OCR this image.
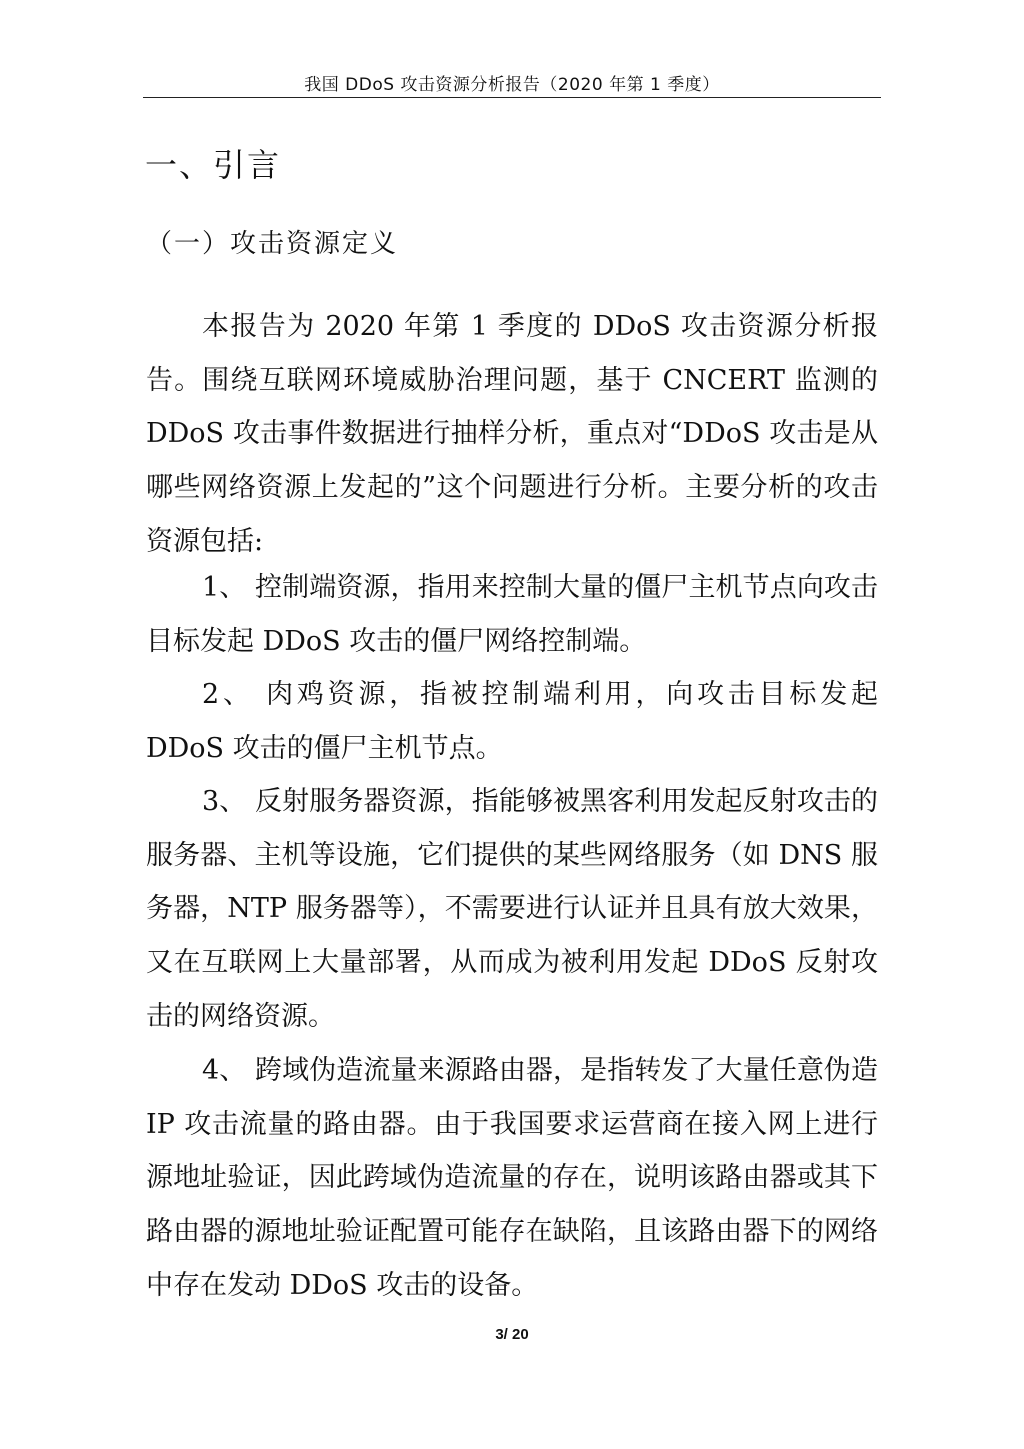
我国 DDoS 攻击资源分析报告（2020 年第 1 季度）
一、引言
（一）攻击资源定义

本报告为 2020 年第 1 季度的 DDoS 攻击资源分析报告。围绕互联网环境威胁治理问题，基于 CNCERT 监测的 DDoS 攻击事件数据进行抽样分析，重点对“DDoS 攻击是从哪些网络资源上发起的”这个问题进行分析。主要分析的攻击资源包括:

1、 控制端资源，指用来控制大量的僵尸主机节点向攻击目标发起 DDoS 攻击的僵尸网络控制端。

2、 肉鸡资源，指被控制端利用，向攻击目标发起 DDoS 攻击的僵尸主机节点。

3、 反射服务器资源，指能够被黑客利用发起反射攻击的服务器、主机等设施，它们提供的某些网络服务（如 DNS 服务器，NTP 服务器等），不需要进行认证并且具有放大效果，又在互联网上大量部署，从而成为被利用发起 DDoS 反射攻击的网络资源。

4、 跨域伪造流量来源路由器，是指转发了大量任意伪造 IP 攻击流量的路由器。由于我国要求运营商在接入网上进行源地址验证，因此跨域伪造流量的存在，说明该路由器或其下路由器的源地址验证配置可能存在缺陷，且该路由器下的网络中存在发动 DDoS 攻击的设备。

3/ 20
